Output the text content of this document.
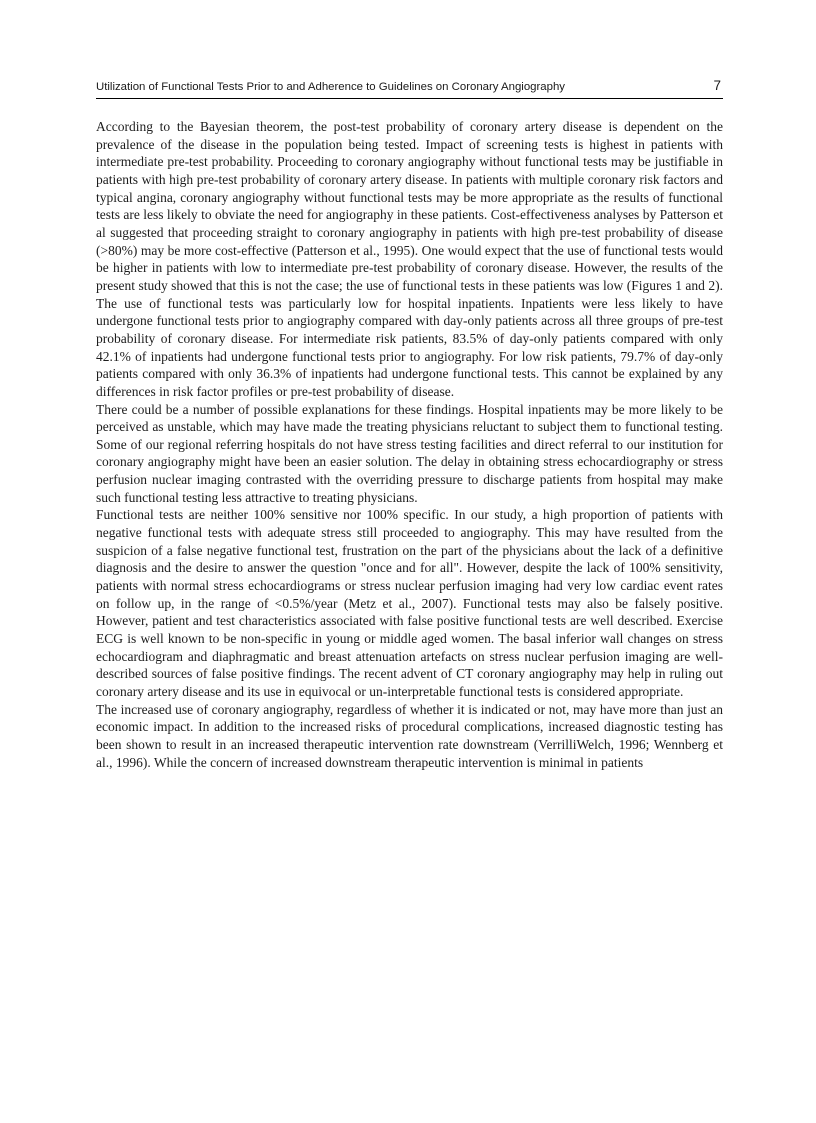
Utilization of Functional Tests Prior to and Adherence to Guidelines on Coronary Angiography	7

According to the Bayesian theorem, the post-test probability of coronary artery disease is dependent on the prevalence of the disease in the population being tested. Impact of screening tests is highest in patients with intermediate pre-test probability. Proceeding to coronary angiography without functional tests may be justifiable in patients with high pre-test probability of coronary artery disease. In patients with multiple coronary risk factors and typical angina, coronary angiography without functional tests may be more appropriate as the results of functional tests are less likely to obviate the need for angiography in these patients. Cost-effectiveness analyses by Patterson et al suggested that proceeding straight to coronary angiography in patients with high pre-test probability of disease (>80%) may be more cost-effective (Patterson et al., 1995). One would expect that the use of functional tests would be higher in patients with low to intermediate pre-test probability of coronary disease. However, the results of the present study showed that this is not the case; the use of functional tests in these patients was low (Figures 1 and 2). The use of functional tests was particularly low for hospital inpatients. Inpatients were less likely to have undergone functional tests prior to angiography compared with day-only patients across all three groups of pre-test probability of coronary disease. For intermediate risk patients, 83.5% of day-only patients compared with only 42.1% of inpatients had undergone functional tests prior to angiography. For low risk patients, 79.7% of day-only patients compared with only 36.3% of inpatients had undergone functional tests. This cannot be explained by any differences in risk factor profiles or pre-test probability of disease.

There could be a number of possible explanations for these findings. Hospital inpatients may be more likely to be perceived as unstable, which may have made the treating physicians reluctant to subject them to functional testing. Some of our regional referring hospitals do not have stress testing facilities and direct referral to our institution for coronary angiography might have been an easier solution. The delay in obtaining stress echocardiography or stress perfusion nuclear imaging contrasted with the overriding pressure to discharge patients from hospital may make such functional testing less attractive to treating physicians.

Functional tests are neither 100% sensitive nor 100% specific. In our study, a high proportion of patients with negative functional tests with adequate stress still proceeded to angiography. This may have resulted from the suspicion of a false negative functional test, frustration on the part of the physicians about the lack of a definitive diagnosis and the desire to answer the question "once and for all". However, despite the lack of 100% sensitivity, patients with normal stress echocardiograms or stress nuclear perfusion imaging had very low cardiac event rates on follow up, in the range of <0.5%/year (Metz et al., 2007). Functional tests may also be falsely positive. However, patient and test characteristics associated with false positive functional tests are well described. Exercise ECG is well known to be non-specific in young or middle aged women. The basal inferior wall changes on stress echocardiogram and diaphragmatic and breast attenuation artefacts on stress nuclear perfusion imaging are well-described sources of false positive findings. The recent advent of CT coronary angiography may help in ruling out coronary artery disease and its use in equivocal or un-interpretable functional tests is considered appropriate.

The increased use of coronary angiography, regardless of whether it is indicated or not, may have more than just an economic impact. In addition to the increased risks of procedural complications, increased diagnostic testing has been shown to result in an increased therapeutic intervention rate downstream (VerrilliWelch, 1996; Wennberg et al., 1996). While the concern of increased downstream therapeutic intervention is minimal in patients
